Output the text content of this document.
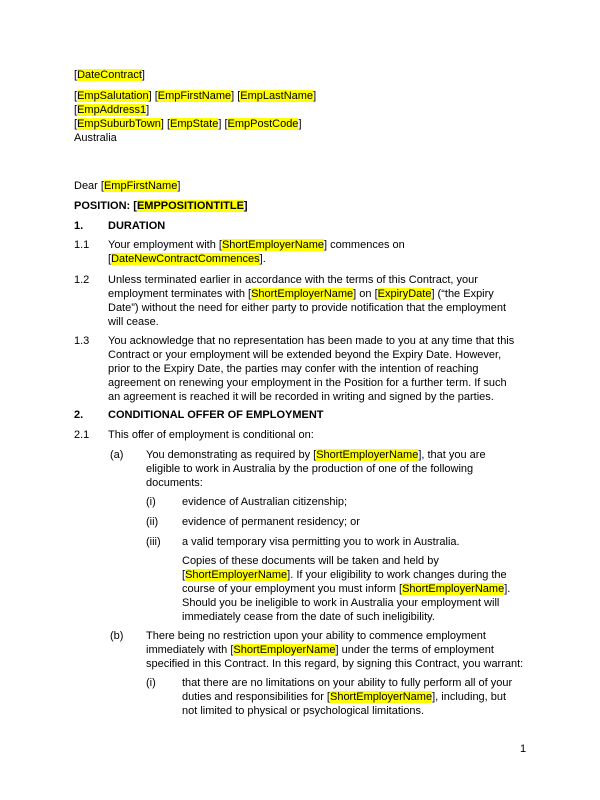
[DateContract]
[EmpSalutation] [EmpFirstName] [EmpLastName]
[EmpAddress1]
[EmpSuburbTown] [EmpState] [EmpPostCode]
Australia
Dear [EmpFirstName]
POSITION: [EMPPOSITIONTITLE]
1. DURATION
1.1 Your employment with [ShortEmployerName] commences on
[DateNewContractCommences].
1.2 Unless terminated earlier in accordance with the terms of this Contract, your
employment terminates with [ShortEmployerName] on [ExpiryDate] (“the Expiry
Date”) without the need for either party to provide notification that the employment
will cease.
1.3 You acknowledge that no representation has been made to you at any time that this
Contract or your employment will be extended beyond the Expiry Date. However,
prior to the Expiry Date, the parties may confer with the intention of reaching
agreement on renewing your employment in the Position for a further term. If such
an agreement is reached it will be recorded in writing and signed by the parties.
2. CONDITIONAL OFFER OF EMPLOYMENT
2.1 This offer of employment is conditional on:
(a) You demonstrating as required by [ShortEmployerName], that you are
eligible to work in Australia by the production of one of the following
documents:
(i) evidence of Australian citizenship;
(ii) evidence of permanent residency; or
(iii) a valid temporary visa permitting you to work in Australia.
Copies of these documents will be taken and held by
[ShortEmployerName]. If your eligibility to work changes during the
course of your employment you must inform [ShortEmployerName].
Should you be ineligible to work in Australia your employment will
immediately cease from the date of such ineligibility.
(b) There being no restriction upon your ability to commence employment
immediately with [ShortEmployerName] under the terms of employment
specified in this Contract. In this regard, by signing this Contract, you warrant:
(i) that there are no limitations on your ability to fully perform all of your
duties and responsibilities for [ShortEmployerName], including, but
not limited to physical or psychological limitations.
1
